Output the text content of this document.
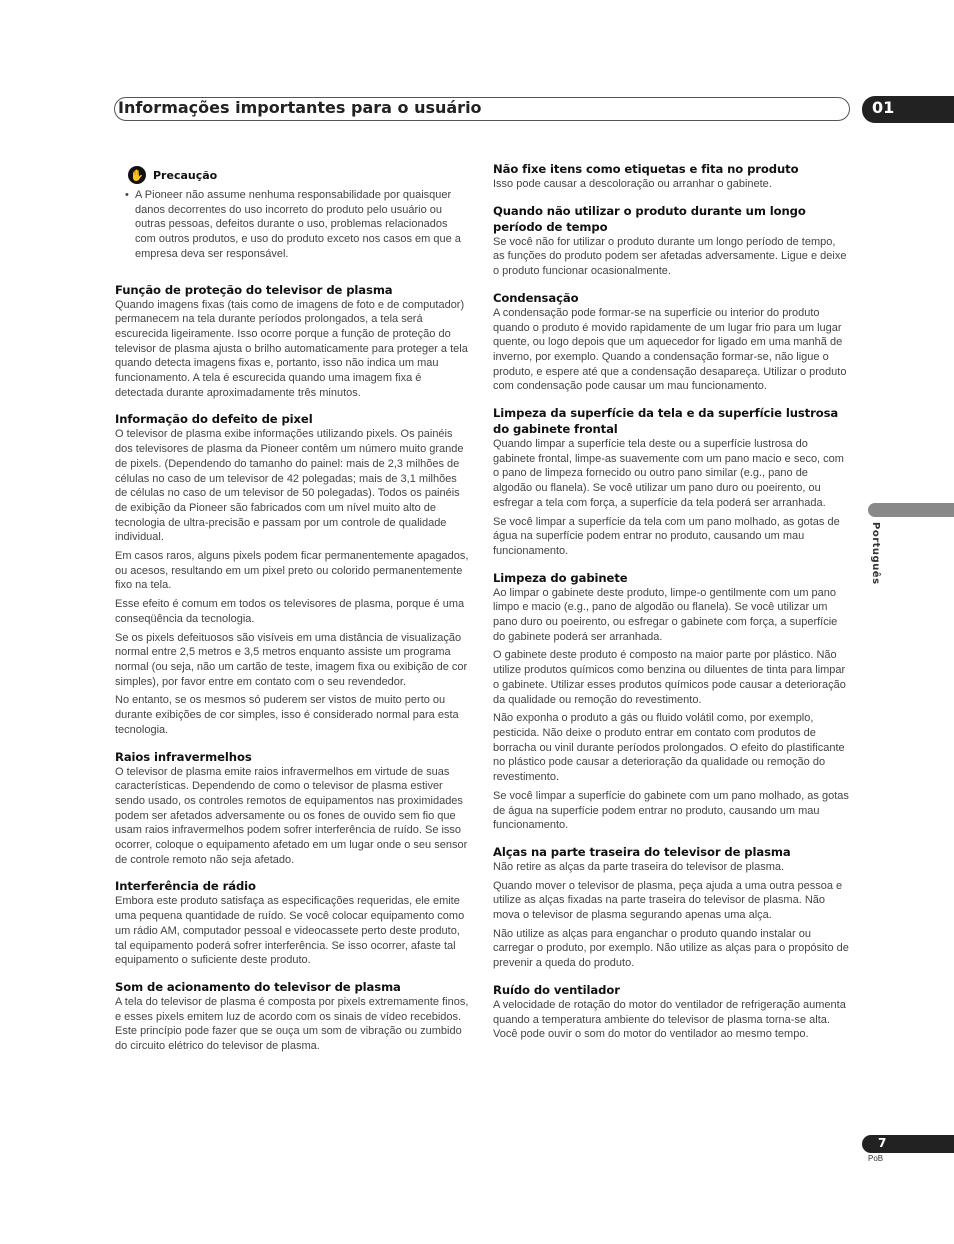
Informações importantes para o usuário	01
Português
7
PoB
✋ Precaução
• A Pioneer não assume nenhuma responsabilidade por quaisquer danos decorrentes do uso incorreto do produto pelo usuário ou outras pessoas, defeitos durante o uso, problemas relacionados com outros produtos, e uso do produto exceto nos casos em que a empresa deva ser responsável.
Função de proteção do televisor de plasma

Quando imagens fixas (tais como de imagens de foto e de computador) permanecem na tela durante períodos prolongados, a tela será escurecida ligeiramente. Isso ocorre porque a função de proteção do televisor de plasma ajusta o brilho automaticamente para proteger a tela quando detecta imagens fixas e, portanto, isso não indica um mau funcionamento. A tela é escurecida quando uma imagem fixa é detectada durante aproximadamente três minutos.

Informação do defeito de pixel

O televisor de plasma exibe informações utilizando pixels. Os painéis dos televisores de plasma da Pioneer contêm um número muito grande de pixels. (Dependendo do tamanho do painel: mais de 2,3 milhões de células no caso de um televisor de 42 polegadas; mais de 3,1 milhões de células no caso de um televisor de 50 polegadas). Todos os painéis de exibição da Pioneer são fabricados com um nível muito alto de tecnologia de ultra-precisão e passam por um controle de qualidade individual.

Em casos raros, alguns pixels podem ficar permanentemente apagados, ou acesos, resultando em um pixel preto ou colorido permanentemente fixo na tela.

Esse efeito é comum em todos os televisores de plasma, porque é uma conseqüência da tecnologia.

Se os pixels defeituosos são visíveis em uma distância de visualização normal entre 2,5 metros e 3,5 metros enquanto assiste um programa normal (ou seja, não um cartão de teste, imagem fixa ou exibição de cor simples), por favor entre em contato com o seu revendedor.

No entanto, se os mesmos só puderem ser vistos de muito perto ou durante exibições de cor simples, isso é considerado normal para esta tecnologia.

Raios infravermelhos

O televisor de plasma emite raios infravermelhos em virtude de suas características. Dependendo de como o televisor de plasma estiver sendo usado, os controles remotos de equipamentos nas proximidades podem ser afetados adversamente ou os fones de ouvido sem fio que usam raios infravermelhos podem sofrer interferência de ruído. Se isso ocorrer, coloque o equipamento afetado em um lugar onde o seu sensor de controle remoto não seja afetado.

Interferência de rádio

Embora este produto satisfaça as especificações requeridas, ele emite uma pequena quantidade de ruído. Se você colocar equipamento como um rádio AM, computador pessoal e videocassete perto deste produto, tal equipamento poderá sofrer interferência. Se isso ocorrer, afaste tal equipamento o suficiente deste produto.

Som de acionamento do televisor de plasma

A tela do televisor de plasma é composta por pixels extremamente finos, e esses pixels emitem luz de acordo com os sinais de vídeo recebidos. Este princípio pode fazer que se ouça um som de vibração ou zumbido do circuito elétrico do televisor de plasma.

Não fixe itens como etiquetas e fita no produto

Isso pode causar a descoloração ou arranhar o gabinete.

Quando não utilizar o produto durante um longo período de tempo

Se você não for utilizar o produto durante um longo período de tempo, as funções do produto podem ser afetadas adversamente. Ligue e deixe o produto funcionar ocasionalmente.

Condensação

A condensação pode formar-se na superfície ou interior do produto quando o produto é movido rapidamente de um lugar frio para um lugar quente, ou logo depois que um aquecedor for ligado em uma manhã de inverno, por exemplo. Quando a condensação formar-se, não ligue o produto, e espere até que a condensação desapareça. Utilizar o produto com condensação pode causar um mau funcionamento.

Limpeza da superfície da tela e da superfície lustrosa do gabinete frontal

Quando limpar a superfície tela deste ou a superfície lustrosa do gabinete frontal, limpe-as suavemente com um pano macio e seco, com o pano de limpeza fornecido ou outro pano similar (e.g., pano de algodão ou flanela). Se você utilizar um pano duro ou poeirento, ou esfregar a tela com força, a superfície da tela poderá ser arranhada.

Se você limpar a superfície da tela com um pano molhado, as gotas de água na superfície podem entrar no produto, causando um mau funcionamento.

Limpeza do gabinete

Ao limpar o gabinete deste produto, limpe-o gentilmente com um pano limpo e macio (e.g., pano de algodão ou flanela). Se você utilizar um pano duro ou poeirento, ou esfregar o gabinete com força, a superfície do gabinete poderá ser arranhada.

O gabinete deste produto é composto na maior parte por plástico. Não utilize produtos químicos como benzina ou diluentes de tinta para limpar o gabinete. Utilizar esses produtos químicos pode causar a deterioração da qualidade ou remoção do revestimento.

Não exponha o produto a gás ou fluido volátil como, por exemplo, pesticida. Não deixe o produto entrar em contato com produtos de borracha ou vinil durante períodos prolongados. O efeito do plastificante no plástico pode causar a deterioração da qualidade ou remoção do revestimento.

Se você limpar a superfície do gabinete com um pano molhado, as gotas de água na superfície podem entrar no produto, causando um mau funcionamento.

Alças na parte traseira do televisor de plasma

Não retire as alças da parte traseira do televisor de plasma.

Quando mover o televisor de plasma, peça ajuda a uma outra pessoa e utilize as alças fixadas na parte traseira do televisor de plasma. Não mova o televisor de plasma segurando apenas uma alça.

Não utilize as alças para enganchar o produto quando instalar ou carregar o produto, por exemplo. Não utilize as alças para o propósito de prevenir a queda do produto.

Ruído do ventilador

A velocidade de rotação do motor do ventilador de refrigeração aumenta quando a temperatura ambiente do televisor de plasma torna-se alta. Você pode ouvir o som do motor do ventilador ao mesmo tempo.
